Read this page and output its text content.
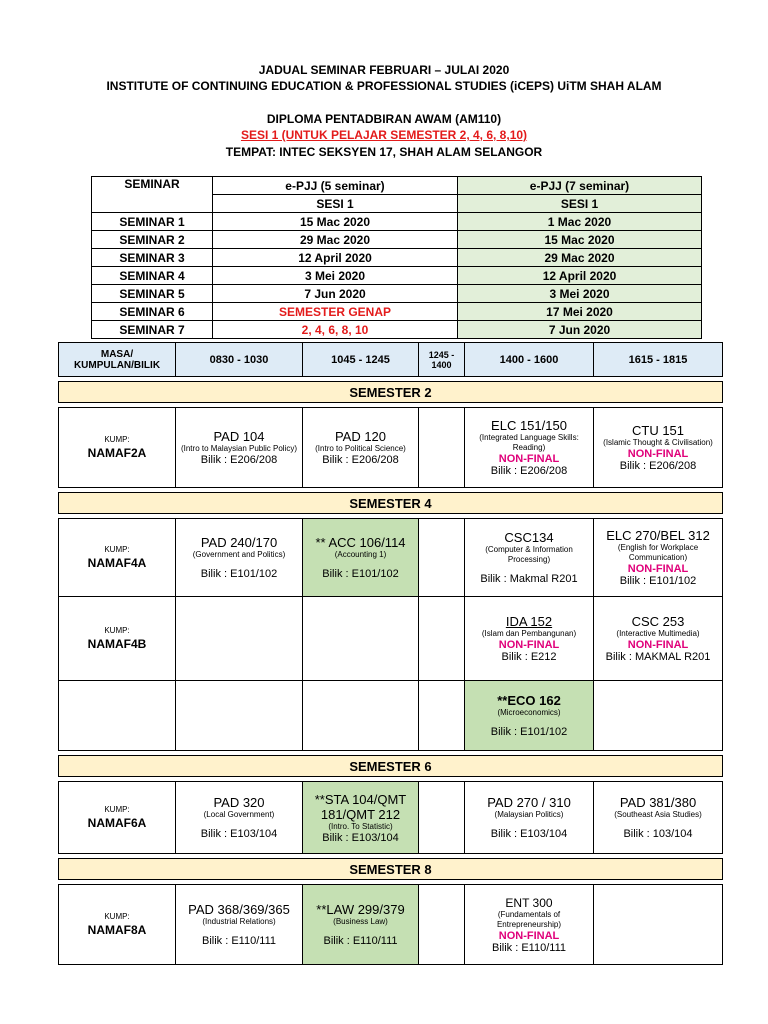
JADUAL SEMINAR FEBRUARI – JULAI 2020
INSTITUTE OF CONTINUING EDUCATION & PROFESSIONAL STUDIES (iCEPS) UiTM SHAH ALAM
DIPLOMA PENTADBIRAN AWAM (AM110)
SESI 1 (UNTUK PELAJAR SEMESTER 2, 4, 6, 8,10)
TEMPAT: INTEC SEKSYEN 17, SHAH ALAM SELANGOR
SEMINAR	e-PJJ (5 seminar)	e-PJJ (7 seminar)
	SESI 1	SESI 1
SEMINAR 1	15 Mac 2020	1 Mac 2020
SEMINAR 2	29 Mac 2020	15 Mac 2020
SEMINAR 3	12 April 2020	29 Mac 2020
SEMINAR 4	3 Mei 2020	12 April 2020
SEMINAR 5	7 Jun 2020	3 Mei 2020
SEMINAR 6	SEMESTER GENAP	17 Mei 2020
SEMINAR 7	2, 4, 6, 8, 10	7 Jun 2020
MASA/ KUMPULAN/BILIK	0830 - 1030	1045 - 1245	1245 - 1400	1400 - 1600	1615 - 1815

SEMESTER 2					

KUMP:
NAMAF2A	PAD 104
(Intro to Malaysian Public Policy)
Bilik : E206/208	PAD 120
(Intro to Political Science)
Bilik : E206/208		ELC 151/150
(Integrated Language Skills: Reading)
NON-FINAL
Bilik : E206/208	CTU 151
(Islamic Thought & Civilisation)
NON-FINAL
Bilik : E206/208

SEMESTER 4					

KUMP:
NAMAF4A	PAD 240/170
(Government and Politics)
Bilik : E101/102	** ACC 106/114
(Accounting 1)
Bilik : E101/102		CSC134
(Computer & Information Processing)
Bilik : Makmal R201	ELC 270/BEL 312
(English for Workplace Communication)
NON-FINAL
Bilik : E101/102

KUMP:
NAMAF4B				IDA 152
(Islam dan Pembangunan)
NON-FINAL
Bilik : E212	CSC 253
(Interactive Multimedia)
NON-FINAL
Bilik : MAKMAL R201

				**ECO 162
(Microeconomics)
Bilik : E101/102	

SEMESTER 6					

KUMP:
NAMAF6A	PAD 320
(Local Government)
Bilik : E103/104	**STA 104/QMT 181/QMT 212
(Intro. To Statistic)
Bilik : E103/104		PAD 270 / 310
(Malaysian Politics)
Bilik : E103/104	PAD 381/380
(Southeast Asia Studies)
Bilik : 103/104

SEMESTER 8					

KUMP:
NAMAF8A	PAD 368/369/365
(Industrial Relations)
Bilik : E110/111	**LAW 299/379
(Business Law)
Bilik : E110/111		ENT 300
(Fundamentals of Entrepreneurship)
NON-FINAL
Bilik : E110/111	
